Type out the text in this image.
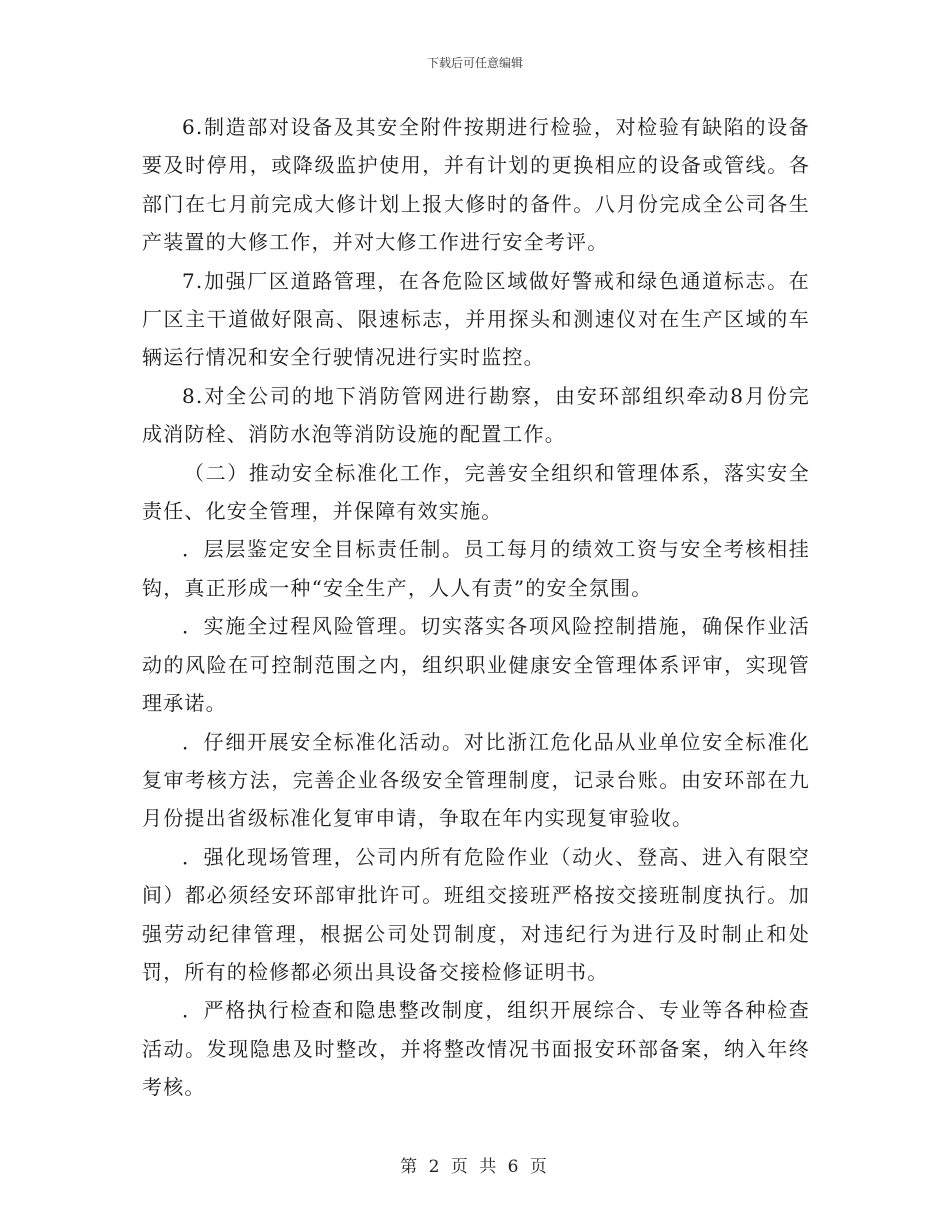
下载后可任意编辑

6.制造部对设备及其安全附件按期进行检验，对检验有缺陷的设备要及时停用，或降级监护使用，并有计划的更换相应的设备或管线。各部门在七月前完成大修计划上报大修时的备件。八月份完成全公司各生产装置的大修工作，并对大修工作进行安全考评。

7.加强厂区道路管理，在各危险区域做好警戒和绿色通道标志。在厂区主干道做好限高、限速标志，并用探头和测速仪对在生产区域的车辆运行情况和安全行驶情况进行实时监控。

8.对全公司的地下消防管网进行勘察，由安环部组织牵动8月份完成消防栓、消防水泡等消防设施的配置工作。

（二）推动安全标准化工作，完善安全组织和管理体系，落实安全责任、化安全管理，并保障有效实施。

．层层鉴定安全目标责任制。员工每月的绩效工资与安全考核相挂钩，真正形成一种“安全生产，人人有责”的安全氛围。

．实施全过程风险管理。切实落实各项风险控制措施，确保作业活动的风险在可控制范围之内，组织职业健康安全管理体系评审，实现管理承诺。

．仔细开展安全标准化活动。对比浙江危化品从业单位安全标准化复审考核方法，完善企业各级安全管理制度，记录台账。由安环部在九月份提出省级标准化复审申请，争取在年内实现复审验收。

．强化现场管理，公司内所有危险作业（动火、登高、进入有限空间）都必须经安环部审批许可。班组交接班严格按交接班制度执行。加强劳动纪律管理，根据公司处罚制度，对违纪行为进行及时制止和处罚，所有的检修都必须出具设备交接检修证明书。

．严格执行检查和隐患整改制度，组织开展综合、专业等各种检查活动。发现隐患及时整改，并将整改情况书面报安环部备案，纳入年终考核。

第 2 页 共 6 页
